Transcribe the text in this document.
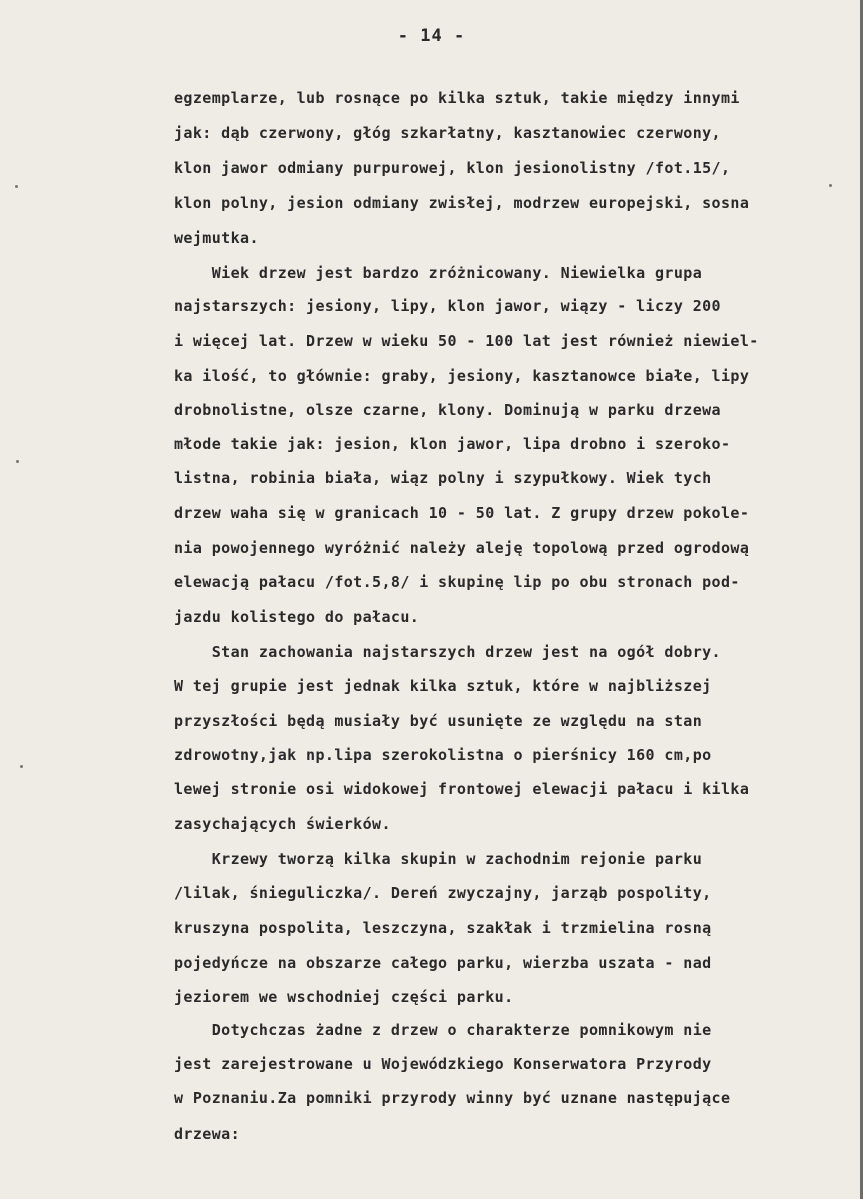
- 14 -
egzemplarze, lub rosnące po kilka sztuk, takie między innymi
jak: dąb czerwony, głóg szkarłatny, kasztanowiec czerwony,
klon jawor odmiany purpurowej, klon jesionolistny /fot.15/,
klon polny, jesion odmiany zwisłej, modrzew europejski, sosna
wejmutka.
Wiek drzew jest bardzo zróżnicowany. Niewielka grupa
najstarszych: jesiony, lipy, klon jawor, wiązy - liczy 200
i więcej lat. Drzew w wieku 50 - 100 lat jest również niewiel-
ka ilość, to głównie: graby, jesiony, kasztanowce białe, lipy
drobnolistne, olsze czarne, klony. Dominują w parku drzewa
młode takie jak: jesion, klon jawor, lipa drobno i szeroko-
listna, robinia biała, wiąz polny i szypułkowy. Wiek tych
drzew waha się w granicach 10 - 50 lat. Z grupy drzew pokole-
nia powojennego wyróżnić należy aleję topolową przed ogrodową
elewacją pałacu /fot.5,8/ i skupinę lip po obu stronach pod-
jazdu kolistego do pałacu.
Stan zachowania najstarszych drzew jest na ogół dobry.
W tej grupie jest jednak kilka sztuk, które w najbliższej
przyszłości będą musiały być usunięte ze względu na stan
zdrowotny,jak np.lipa szerokolistna o pierśnicy 160 cm,po
lewej stronie osi widokowej frontowej elewacji pałacu i kilka
zasychających świerków.
Krzewy tworzą kilka skupin w zachodnim rejonie parku
/lilak, śnieguliczka/. Dereń zwyczajny, jarząb pospolity,
kruszyna pospolita, leszczyna, szakłak i trzmielina rosną
pojedyńcze na obszarze całego parku, wierzba uszata - nad
jeziorem we wschodniej części parku.
Dotychczas żadne z drzew o charakterze pomnikowym nie
jest zarejestrowane u Wojewódzkiego Konserwatora Przyrody
w Poznaniu.Za pomniki przyrody winny być uznane następujące
drzewa:
